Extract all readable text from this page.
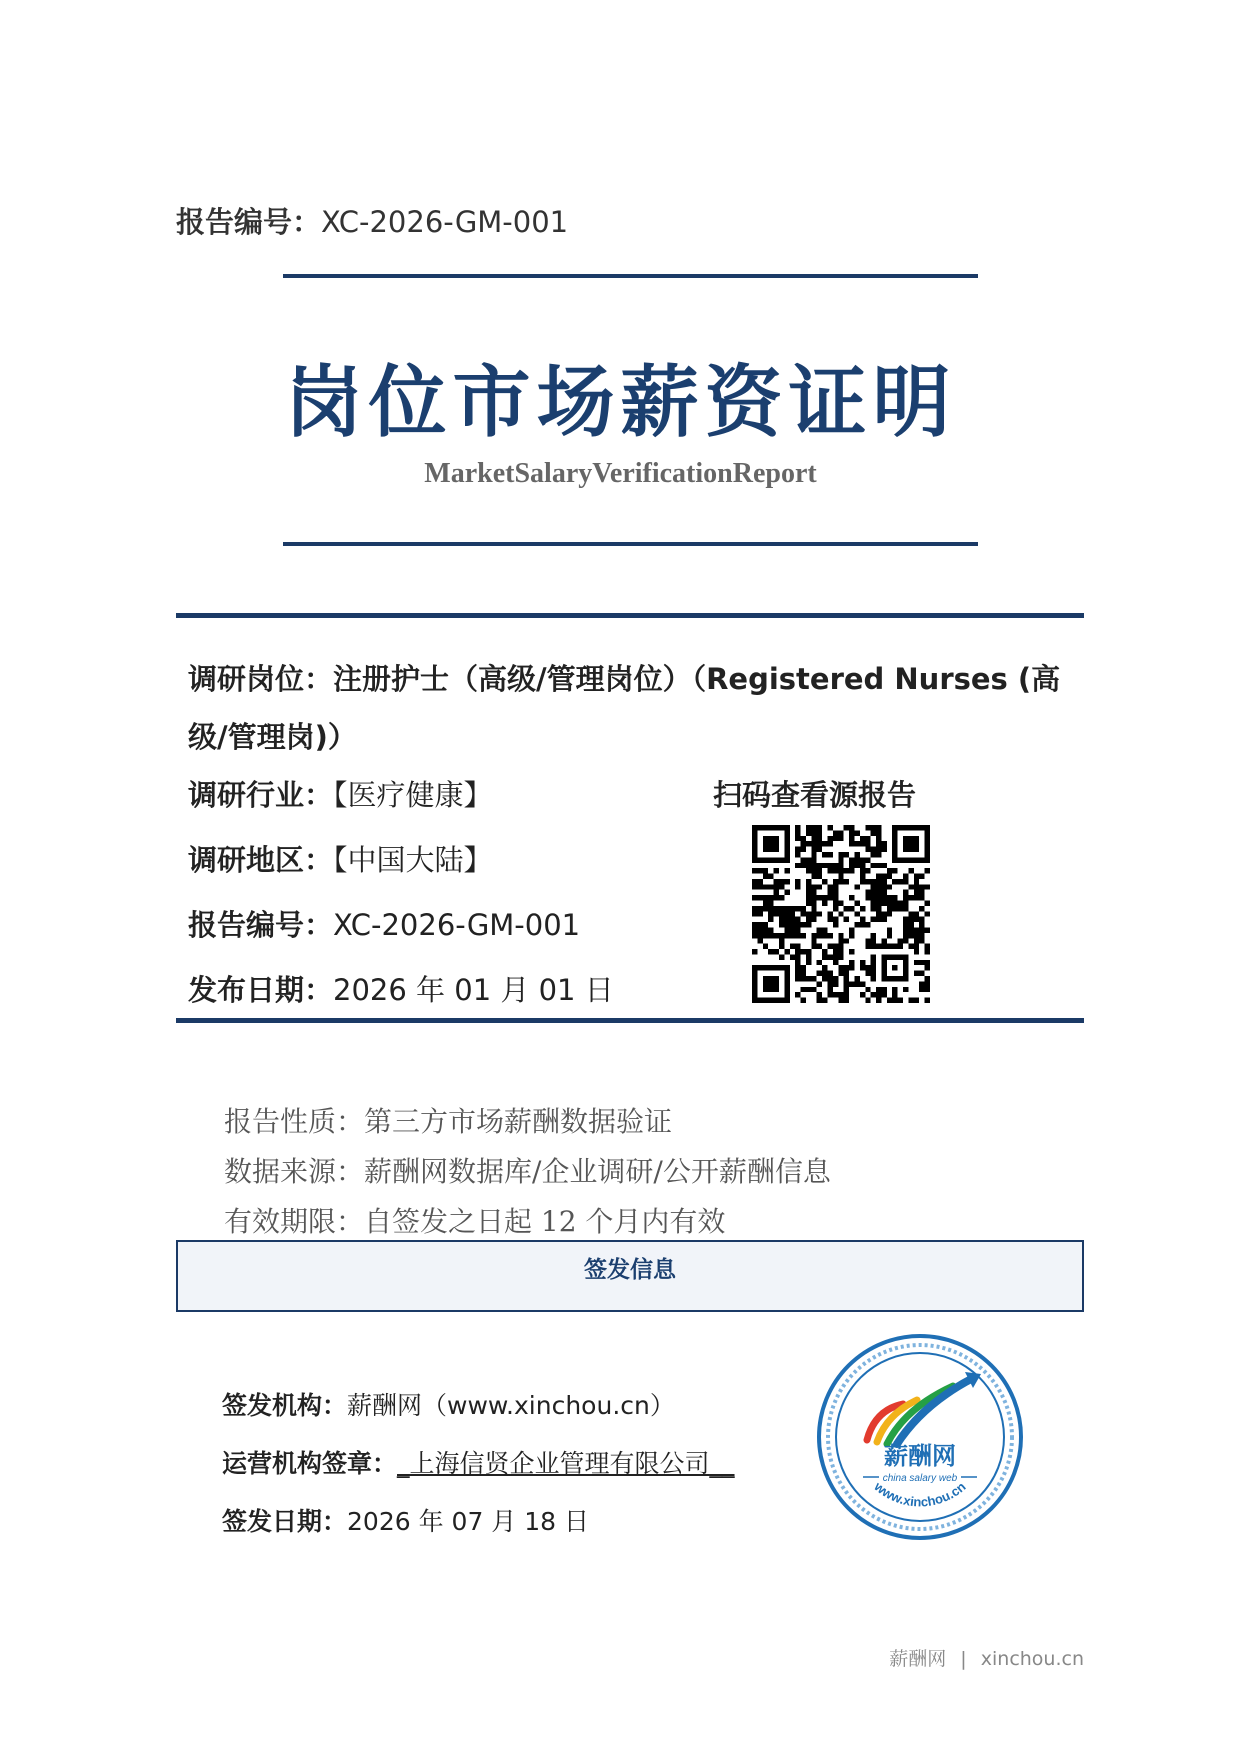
报告编号：XC-2026-GM-001
岗位市场薪资证明
MarketSalaryVerificationReport
调研岗位：注册护士（高级/管理岗位）（Registered Nurses (高级/管理岗)）
调研行业：【医疗健康】	扫码查看源报告
调研地区：【中国大陆】
报告编号：XC-2026-GM-001
发布日期：2026 年 01 月 01 日
报告性质：第三方市场薪酬数据验证
数据来源：薪酬网数据库/企业调研/公开薪酬信息
有效期限：自签发之日起 12 个月内有效
签发信息
签发机构：薪酬网（www.xinchou.cn）
运营机构签章：_上海信贤企业管理有限公司__
签发日期：2026 年 07 月 18 日
薪酬网
china salary web
www.xinchou.cn
薪酬网 | xinchou.cn
